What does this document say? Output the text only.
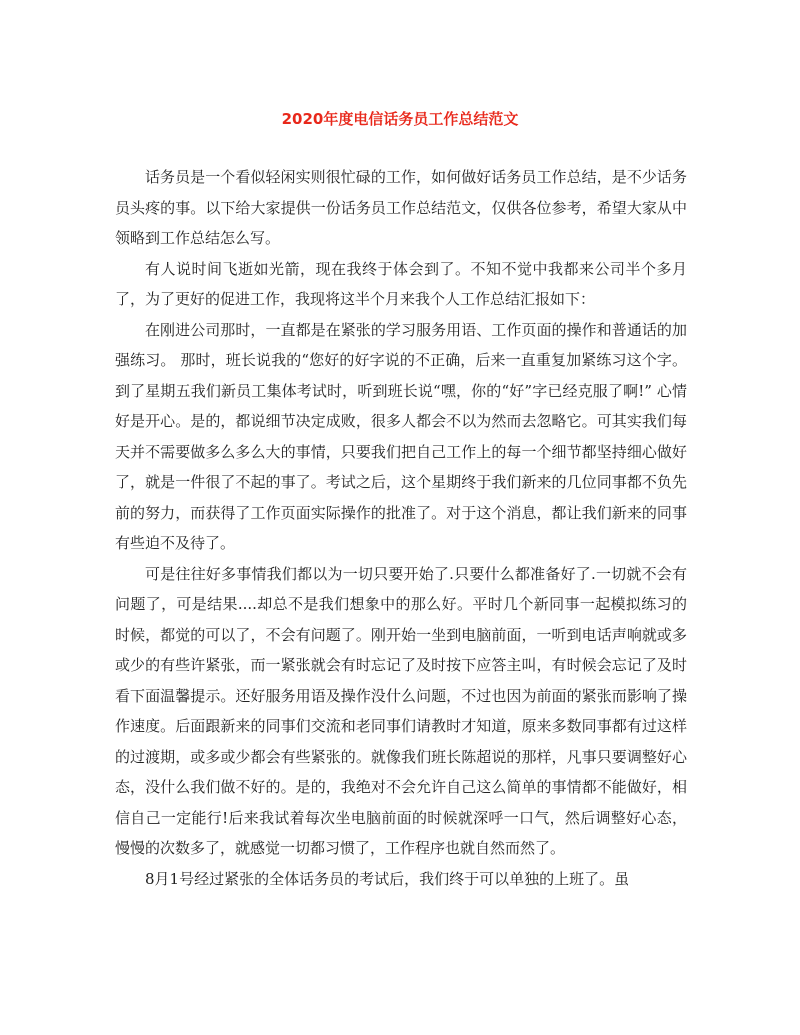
2020年度电信话务员工作总结范文

话务员是一个看似轻闲实则很忙碌的工作，如何做好话务员工作总结，是不少话务员头疼的事。以下给大家提供一份话务员工作总结范文，仅供各位参考，希望大家从中领略到工作总结怎么写。

有人说时间飞逝如光箭，现在我终于体会到了。不知不觉中我都来公司半个多月了，为了更好的促进工作，我现将这半个月来我个人工作总结汇报如下：

在刚进公司那时，一直都是在紧张的学习服务用语、工作页面的操作和普通话的加强练习。 那时，班长说我的“您好的好字说的不正确，后来一直重复加紧练习这个字。到了星期五我们新员工集体考试时，听到班长说“嘿，你的“好”字已经克服了啊!” 心情好是开心。是的，都说细节决定成败，很多人都会不以为然而去忽略它。可其实我们每天并不需要做多么多么大的事情，只要我们把自己工作上的每一个细节都坚持细心做好了，就是一件很了不起的事了。考试之后，这个星期终于我们新来的几位同事都不负先前的努力，而获得了工作页面实际操作的批准了。对于这个消息，都让我们新来的同事有些迫不及待了。

可是往往好多事情我们都以为一切只要开始了.只要什么都准备好了.一切就不会有问题了，可是结果....却总不是我们想象中的那么好。平时几个新同事一起模拟练习的时候，都觉的可以了，不会有问题了。刚开始一坐到电脑前面，一听到电话声响就或多或少的有些许紧张，而一紧张就会有时忘记了及时按下应答主叫，有时候会忘记了及时看下面温馨提示。还好服务用语及操作没什么问题，不过也因为前面的紧张而影响了操作速度。后面跟新来的同事们交流和老同事们请教时才知道，原来多数同事都有过这样的过渡期，或多或少都会有些紧张的。就像我们班长陈超说的那样，凡事只要调整好心态，没什么我们做不好的。是的，我绝对不会允许自己这么简单的事情都不能做好，相信自己一定能行!后来我试着每次坐电脑前面的时候就深呼一口气，然后调整好心态，慢慢的次数多了，就感觉一切都习惯了，工作程序也就自然而然了。

8月1号经过紧张的全体话务员的考试后，我们终于可以单独的上班了。虽
